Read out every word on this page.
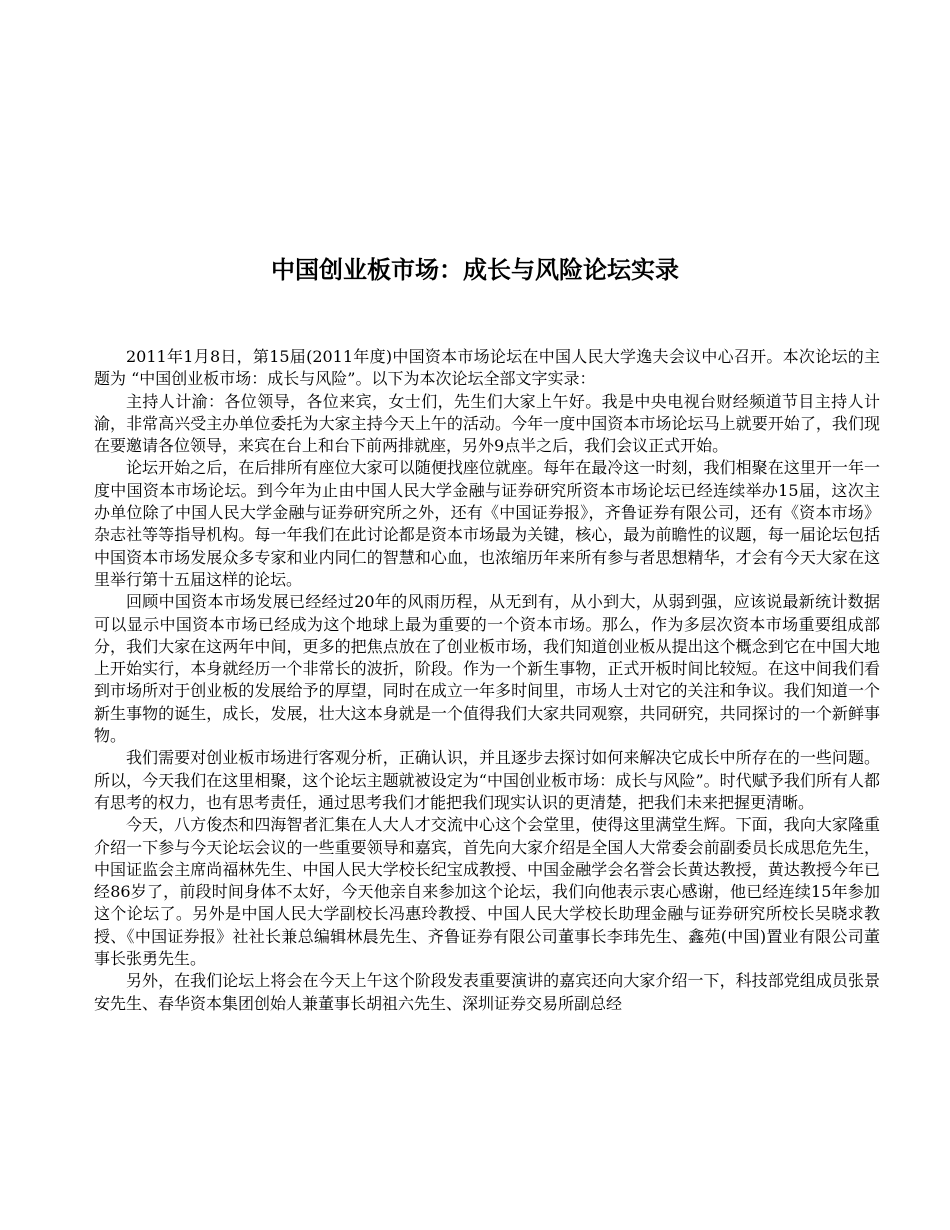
中国创业板市场：成长与风险论坛实录

2011年1月8日，第15届(2011年度)中国资本市场论坛在中国人民大学逸夫会议中心召开。本次论坛的主题为 “中国创业板市场：成长与风险”。以下为本次论坛全部文字实录：

主持人计渝：各位领导，各位来宾，女士们，先生们大家上午好。我是中央电视台财经频道节目主持人计渝，非常高兴受主办单位委托为大家主持今天上午的活动。今年一度中国资本市场论坛马上就要开始了，我们现在要邀请各位领导，来宾在台上和台下前两排就座，另外9点半之后，我们会议正式开始。

论坛开始之后，在后排所有座位大家可以随便找座位就座。每年在最冷这一时刻，我们相聚在这里开一年一度中国资本市场论坛。到今年为止由中国人民大学金融与证券研究所资本市场论坛已经连续举办15届，这次主办单位除了中国人民大学金融与证券研究所之外，还有《中国证券报》，齐鲁证券有限公司，还有《资本市场》杂志社等等指导机构。每一年我们在此讨论都是资本市场最为关键，核心，最为前瞻性的议题，每一届论坛包括中国资本市场发展众多专家和业内同仁的智慧和心血，也浓缩历年来所有参与者思想精华，才会有今天大家在这里举行第十五届这样的论坛。

回顾中国资本市场发展已经经过20年的风雨历程，从无到有，从小到大，从弱到强，应该说最新统计数据可以显示中国资本市场已经成为这个地球上最为重要的一个资本市场。那么，作为多层次资本市场重要组成部分，我们大家在这两年中间，更多的把焦点放在了创业板市场，我们知道创业板从提出这个概念到它在中国大地上开始实行，本身就经历一个非常长的波折，阶段。作为一个新生事物，正式开板时间比较短。在这中间我们看到市场所对于创业板的发展给予的厚望，同时在成立一年多时间里，市场人士对它的关注和争议。我们知道一个新生事物的诞生，成长，发展，壮大这本身就是一个值得我们大家共同观察，共同研究，共同探讨的一个新鲜事物。

我们需要对创业板市场进行客观分析，正确认识，并且逐步去探讨如何来解决它成长中所存在的一些问题。所以，今天我们在这里相聚，这个论坛主题就被设定为“中国创业板市场：成长与风险”。时代赋予我们所有人都有思考的权力，也有思考责任，通过思考我们才能把我们现实认识的更清楚，把我们未来把握更清晰。

今天，八方俊杰和四海智者汇集在人大人才交流中心这个会堂里，使得这里满堂生辉。下面，我向大家隆重介绍一下参与今天论坛会议的一些重要领导和嘉宾，首先向大家介绍是全国人大常委会前副委员长成思危先生，中国证监会主席尚福林先生、中国人民大学校长纪宝成教授、中国金融学会名誉会长黄达教授，黄达教授今年已经86岁了，前段时间身体不太好，今天他亲自来参加这个论坛，我们向他表示衷心感谢，他已经连续15年参加这个论坛了。另外是中国人民大学副校长冯惠玲教授、中国人民大学校长助理金融与证券研究所校长吴晓求教授、《中国证券报》社社长兼总编辑林晨先生、齐鲁证券有限公司董事长李玮先生、鑫苑(中国)置业有限公司董事长张勇先生。

另外，在我们论坛上将会在今天上午这个阶段发表重要演讲的嘉宾还向大家介绍一下，科技部党组成员张景安先生、春华资本集团创始人兼董事长胡祖六先生、深圳证券交易所副总经
